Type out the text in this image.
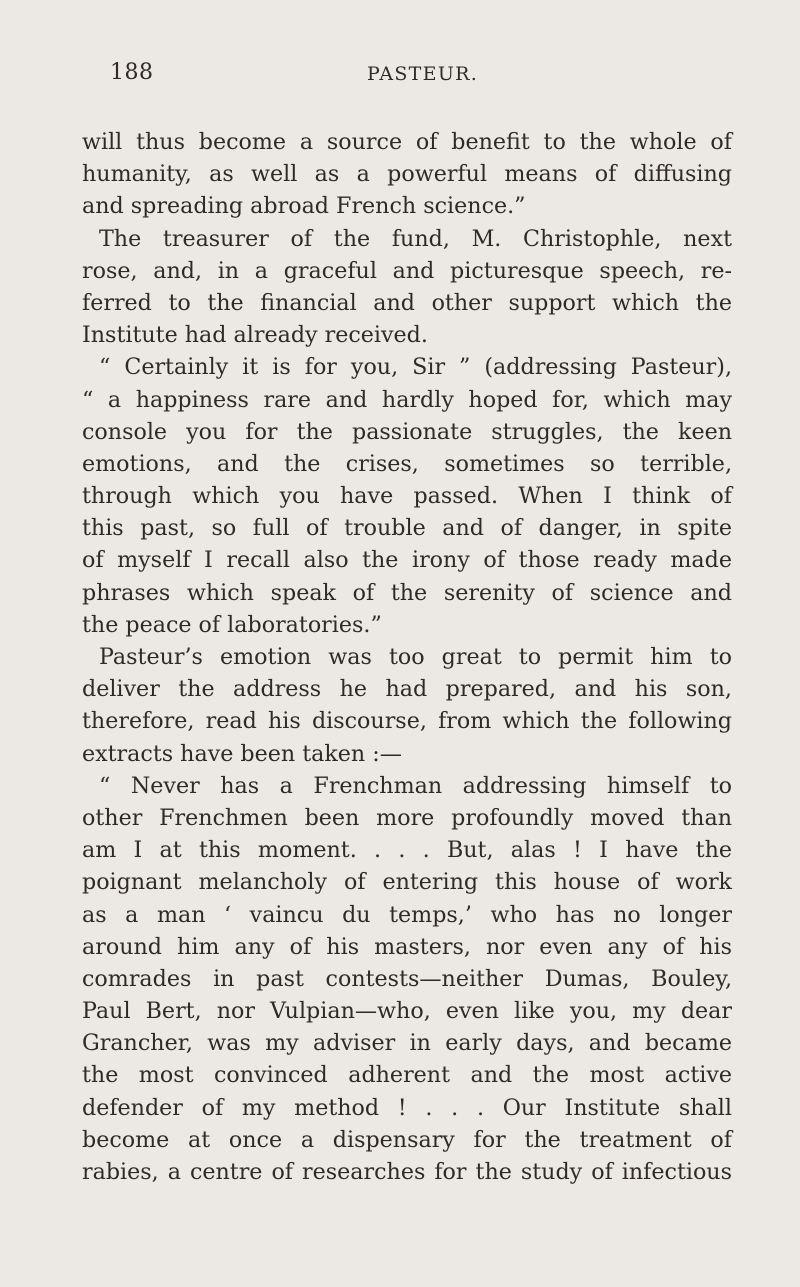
188	PASTEUR.
will thus become a source of benefit to the whole of
humanity, as well as a powerful means of diffusing
and spreading abroad French science.”
The treasurer of the fund, M. Christophle, next
rose, and, in a graceful and picturesque speech, re-
ferred to the financial and other support which the
Institute had already received.
“ Certainly it is for you, Sir ” (addressing Pasteur),
“ a happiness rare and hardly hoped for, which may
console you for the passionate struggles, the keen
emotions, and the crises, sometimes so terrible,
through which you have passed. When I think of
this past, so full of trouble and of danger, in spite
of myself I recall also the irony of those ready made
phrases which speak of the serenity of science and
the peace of laboratories.”
Pasteur’s emotion was too great to permit him to
deliver the address he had prepared, and his son,
therefore, read his discourse, from which the following
extracts have been taken :—
“ Never has a Frenchman addressing himself to
other Frenchmen been more profoundly moved than
am I at this moment. . . . But, alas ! I have the
poignant melancholy of entering this house of work
as a man ‘ vaincu du temps,’ who has no longer
around him any of his masters, nor even any of his
comrades in past contests—neither Dumas, Bouley,
Paul Bert, nor Vulpian—who, even like you, my dear
Grancher, was my adviser in early days, and became
the most convinced adherent and the most active
defender of my method ! . . . Our Institute shall
become at once a dispensary for the treatment of
rabies, a centre of researches for the study of infectious
